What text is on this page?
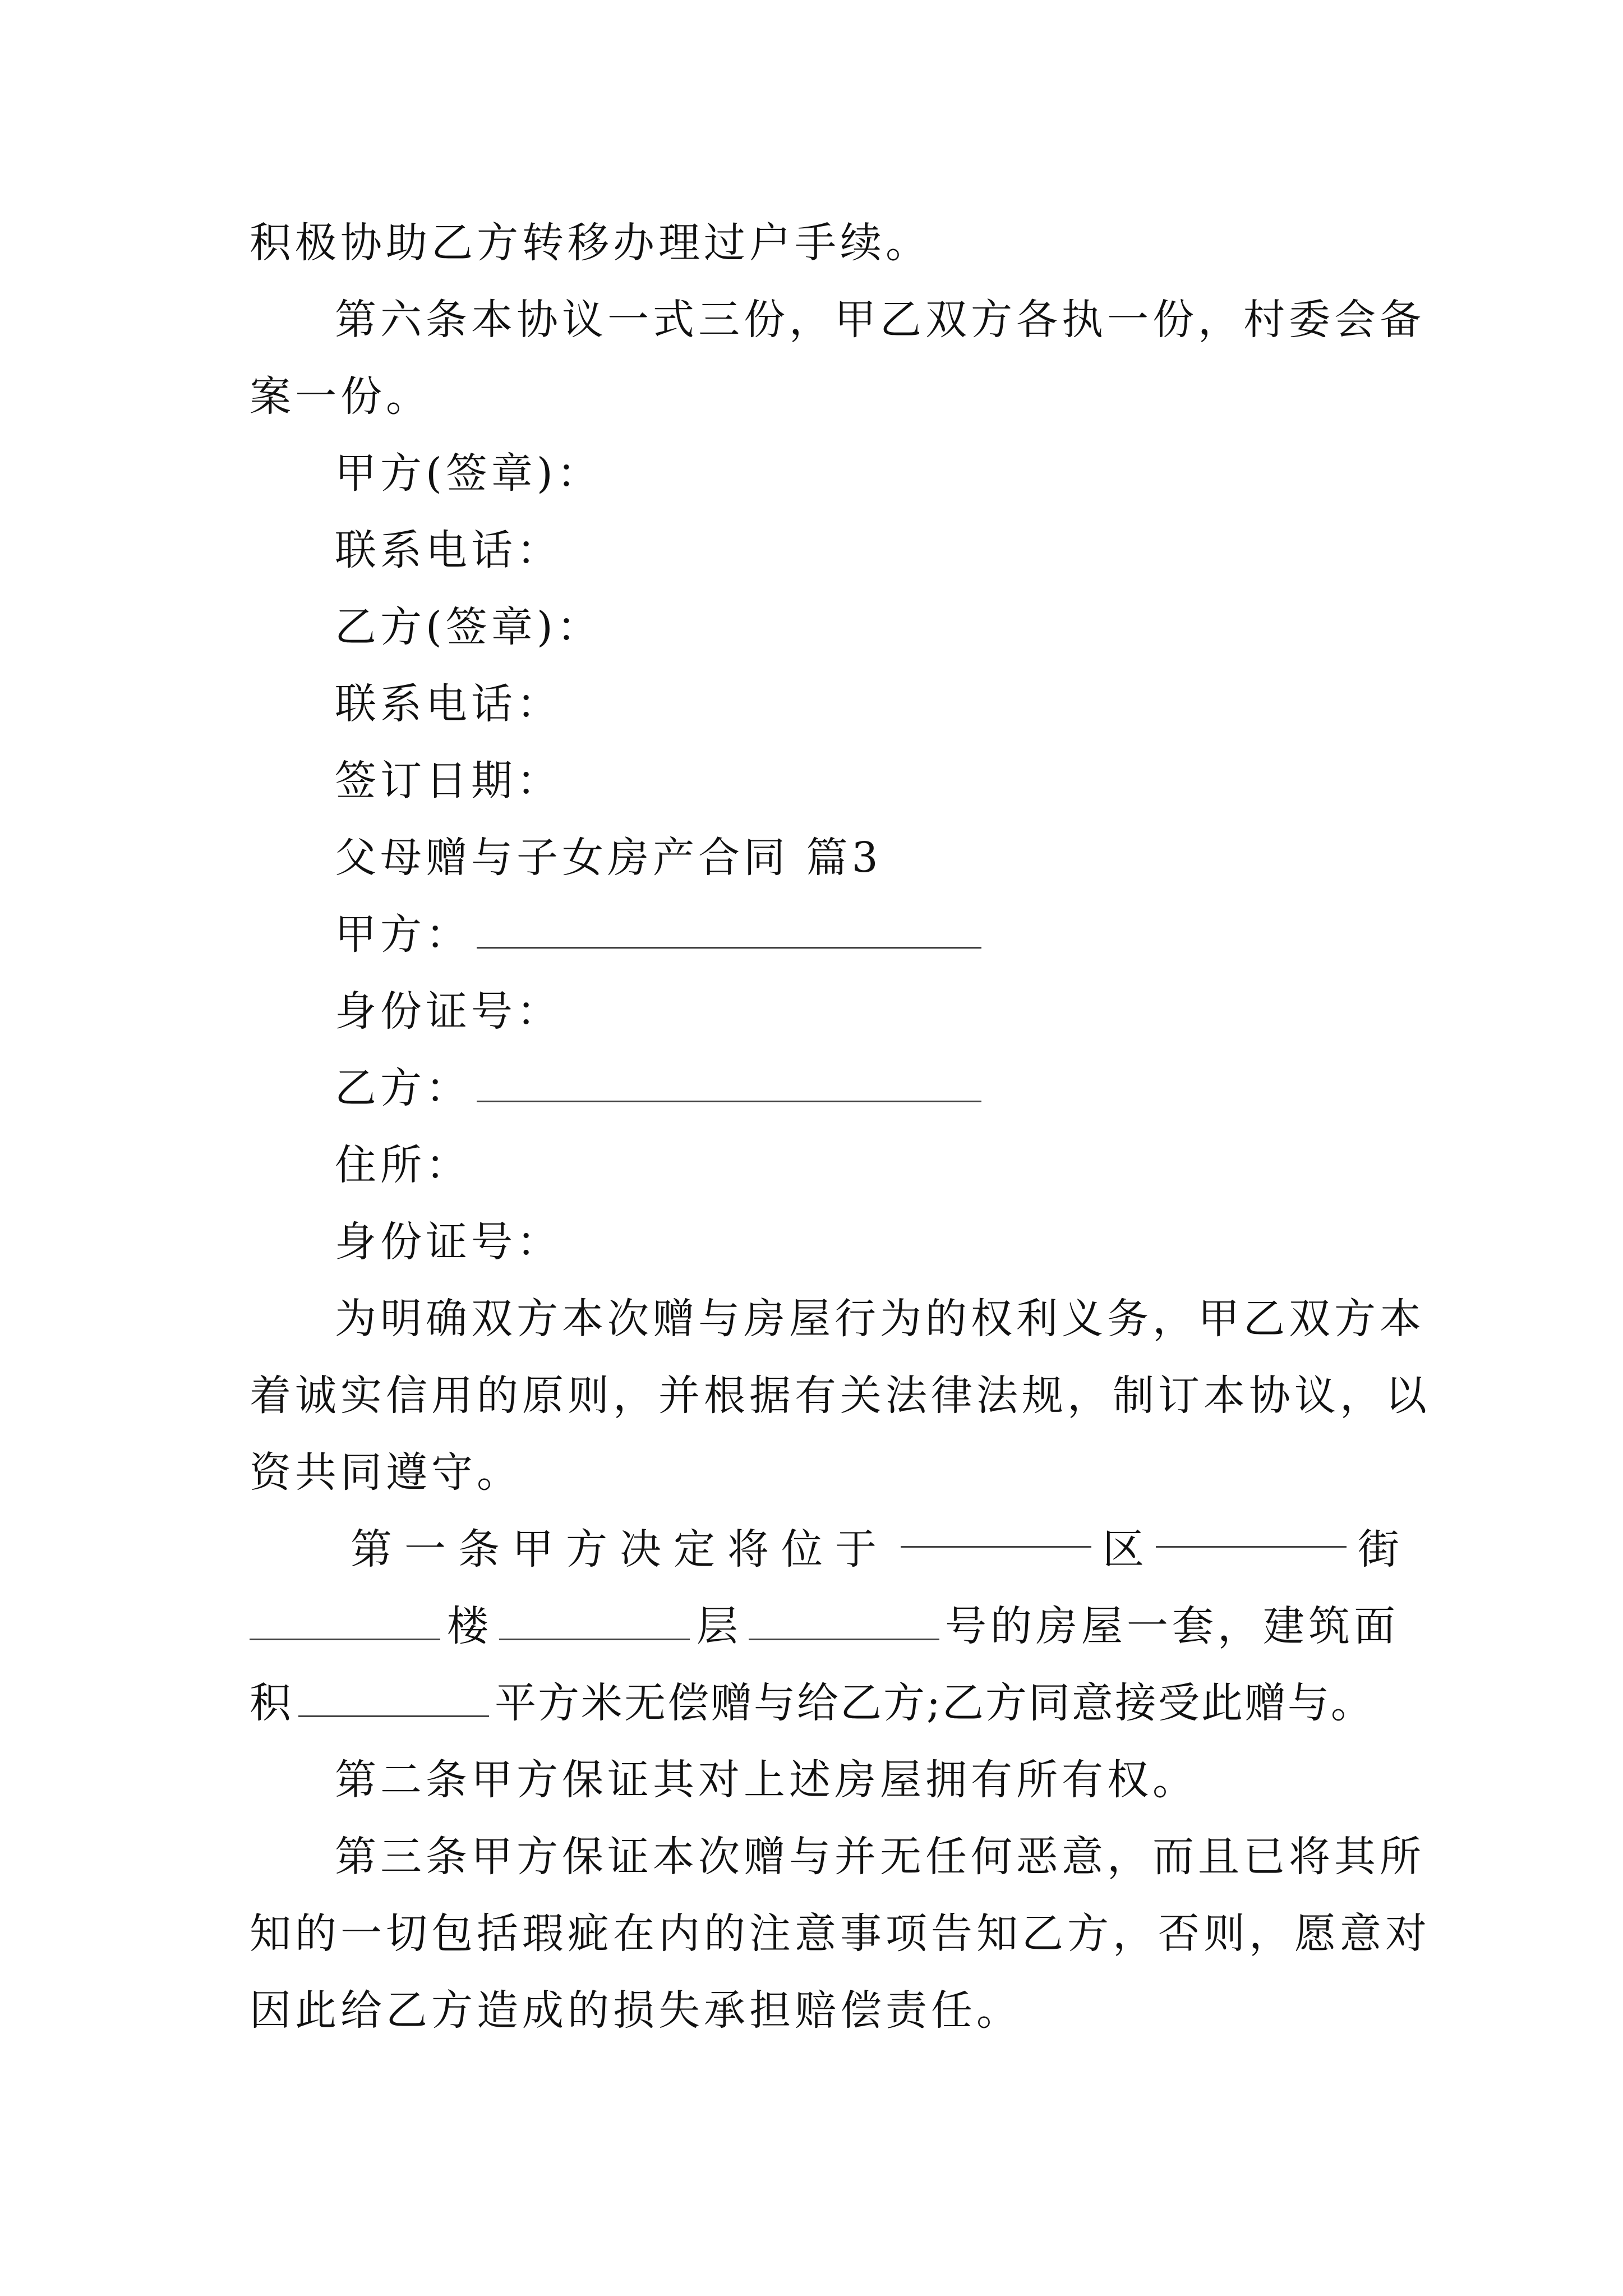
积极协助乙方转移办理过户手续。
第六条本协议一式三份，甲乙双方各执一份，村委会备
案一份。
甲方(签章)：
联系电话：
乙方(签章)：
联系电话：
签订日期：
父母赠与子女房产合同 篇3
甲方：
身份证号：
乙方：
住所：
身份证号：
为明确双方本次赠与房屋行为的权利义务，甲乙双方本
着诚实信用的原则，并根据有关法律法规，制订本协议，以
资共同遵守。
第一条甲方决定将位于	区	街
楼	层	号的房屋一套，建筑面
积	平方米无偿赠与给乙方;乙方同意接受此赠与。
第二条甲方保证其对上述房屋拥有所有权。
第三条甲方保证本次赠与并无任何恶意，而且已将其所
知的一切包括瑕疵在内的注意事项告知乙方，否则，愿意对
因此给乙方造成的损失承担赔偿责任。
